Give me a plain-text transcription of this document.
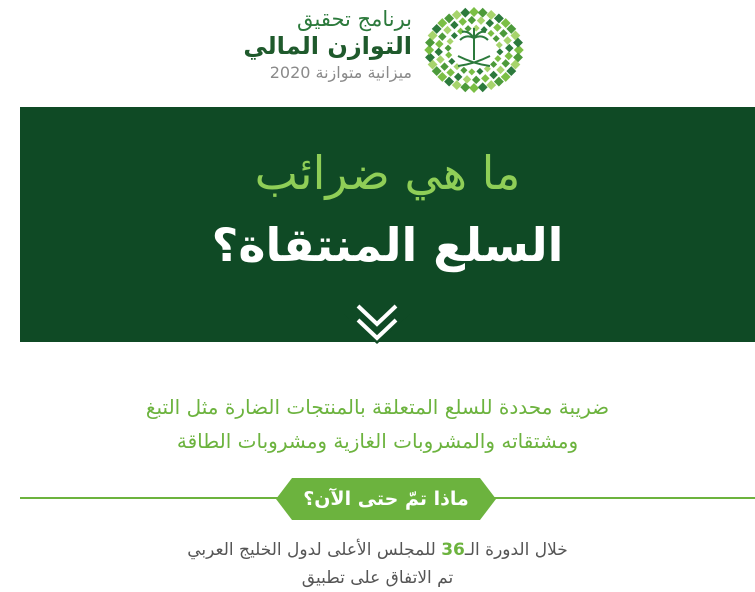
برنامج تحقيق
التوازن المالي
ميزانية متوازنة 2020
ما هي ضرائب
السلع المنتقاة؟
ضريبة محددة للسلع المتعلقة بالمنتجات الضارة مثل التبغ
ومشتقاته والمشروبات الغازية ومشروبات الطاقة
ماذا تمّ حتى الآن؟
خلال الدورة الـ36 للمجلس الأعلى لدول الخليج العربي
تم الاتفاق على تطبيق
